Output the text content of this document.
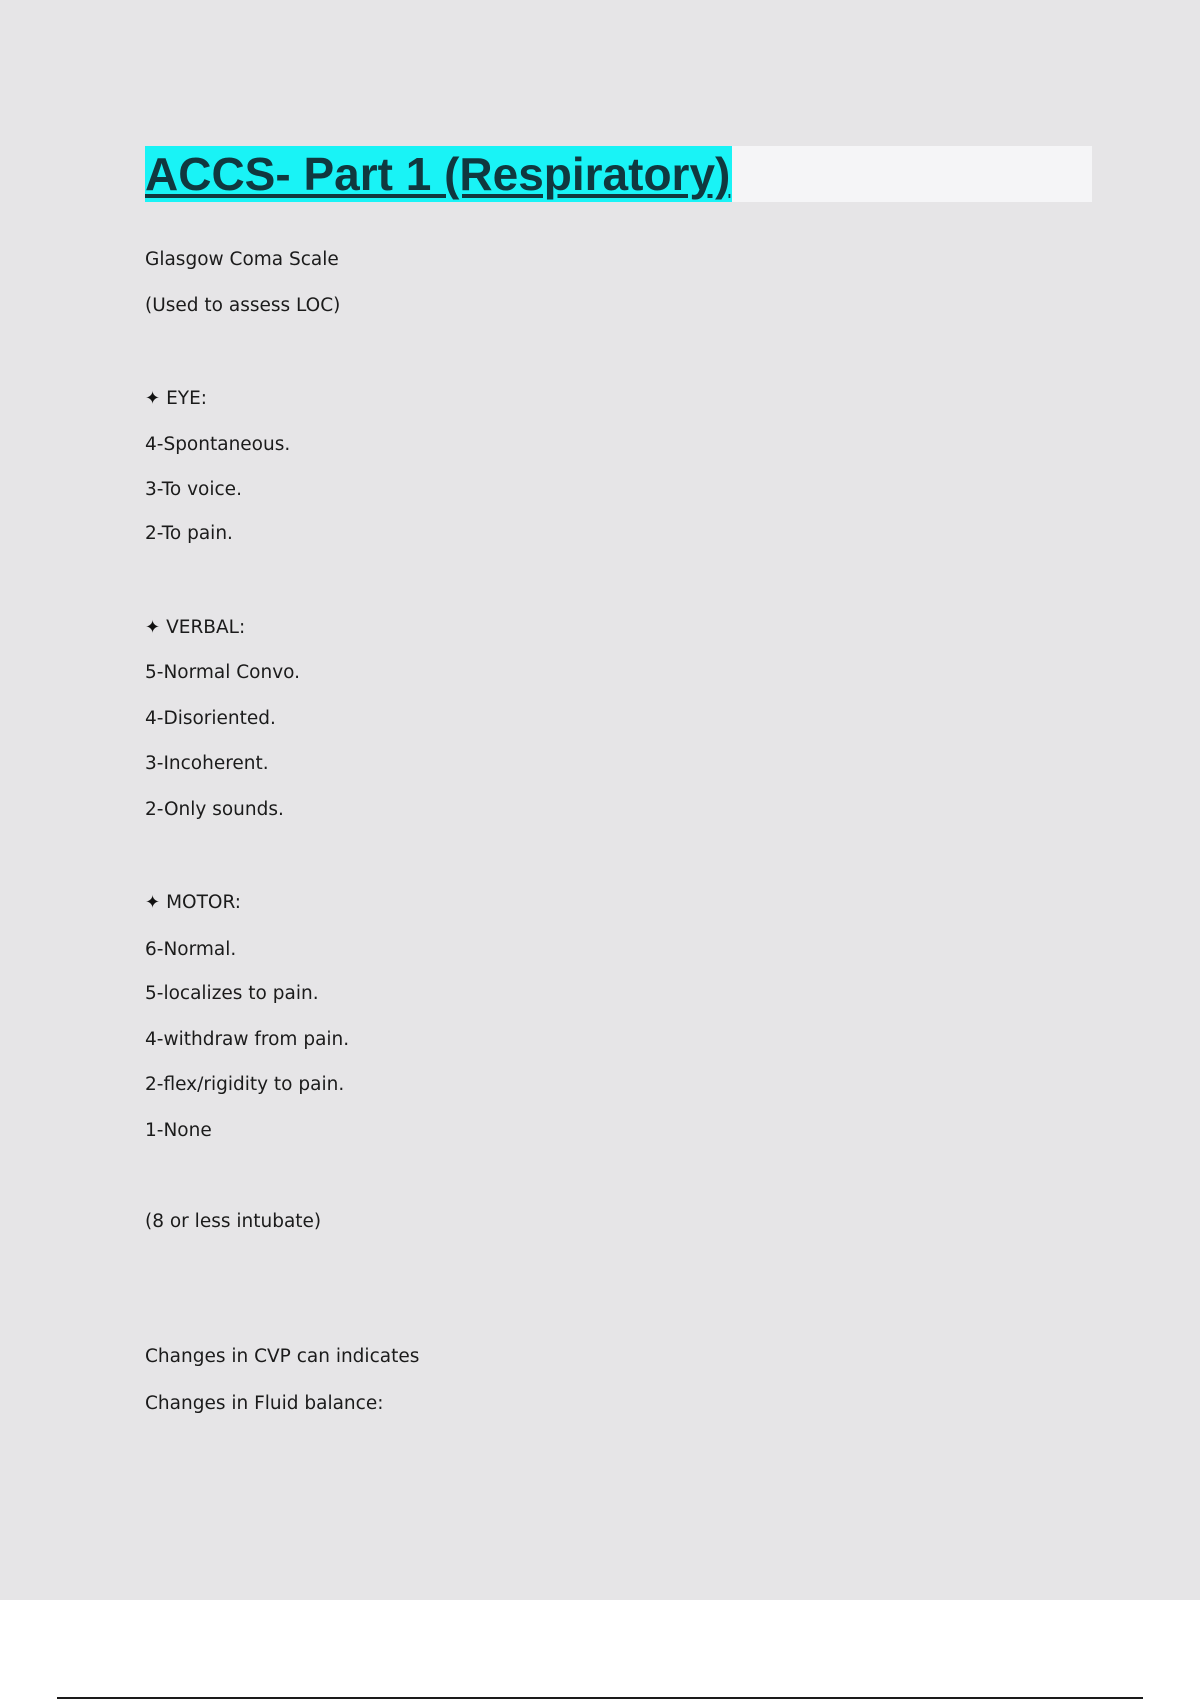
ACCS- Part 1 (Respiratory)
Glasgow Coma Scale
(Used to assess LOC)
✦ EYE:
4-Spontaneous.
3-To voice.
2-To pain.
✦ VERBAL:
5-Normal Convo.
4-Disoriented.
3-Incoherent.
2-Only sounds.
✦ MOTOR:
6-Normal.
5-localizes to pain.
4-withdraw from pain.
2-flex/rigidity to pain.
1-None
(8 or less intubate)
Changes in CVP can indicates
Changes in Fluid balance:
